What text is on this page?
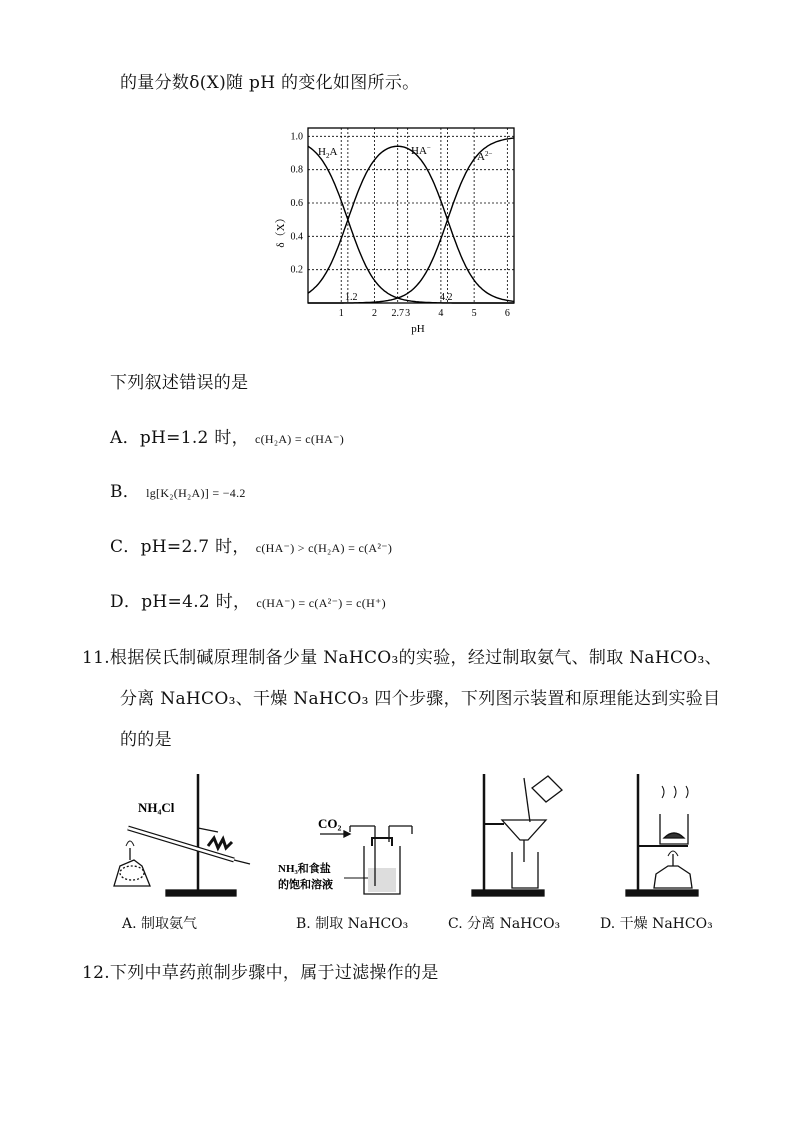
的量分数δ(X)随 pH 的变化如图所示。
1	2 2.7 3	4	5	6
0.2
0.4
0.6
0.8
1.0
δ（X）
pH
1.2	4.2
$H_2A$	HA−
$A^{2-}$
下列叙述错误的是
A．pH=1.2 时， c(H₂A) = c(HA⁻)
B． lg[K₂(H₂A)] = −4.2
C．pH=2.7 时， c(HA⁻) > c(H₂A) = c(A²⁻)
D．pH=4.2 时， c(HA⁻) = c(A²⁻) = c(H⁺)
11.根据侯氏制碱原理制备少量 NaHCO₃的实验，经过制取氨气、制取 NaHCO₃、
分离 NaHCO₃、干燥 NaHCO₃ 四个步骤，下列图示装置和原理能达到实验目
的的是
NH₄Cl
CO₂
NH₃和食盐
的饱和溶液
A. 制取氨气	B. 制取 NaHCO₃	C. 分离 NaHCO₃	D. 干燥 NaHCO₃
12.下列中草药煎制步骤中，属于过滤操作的是
